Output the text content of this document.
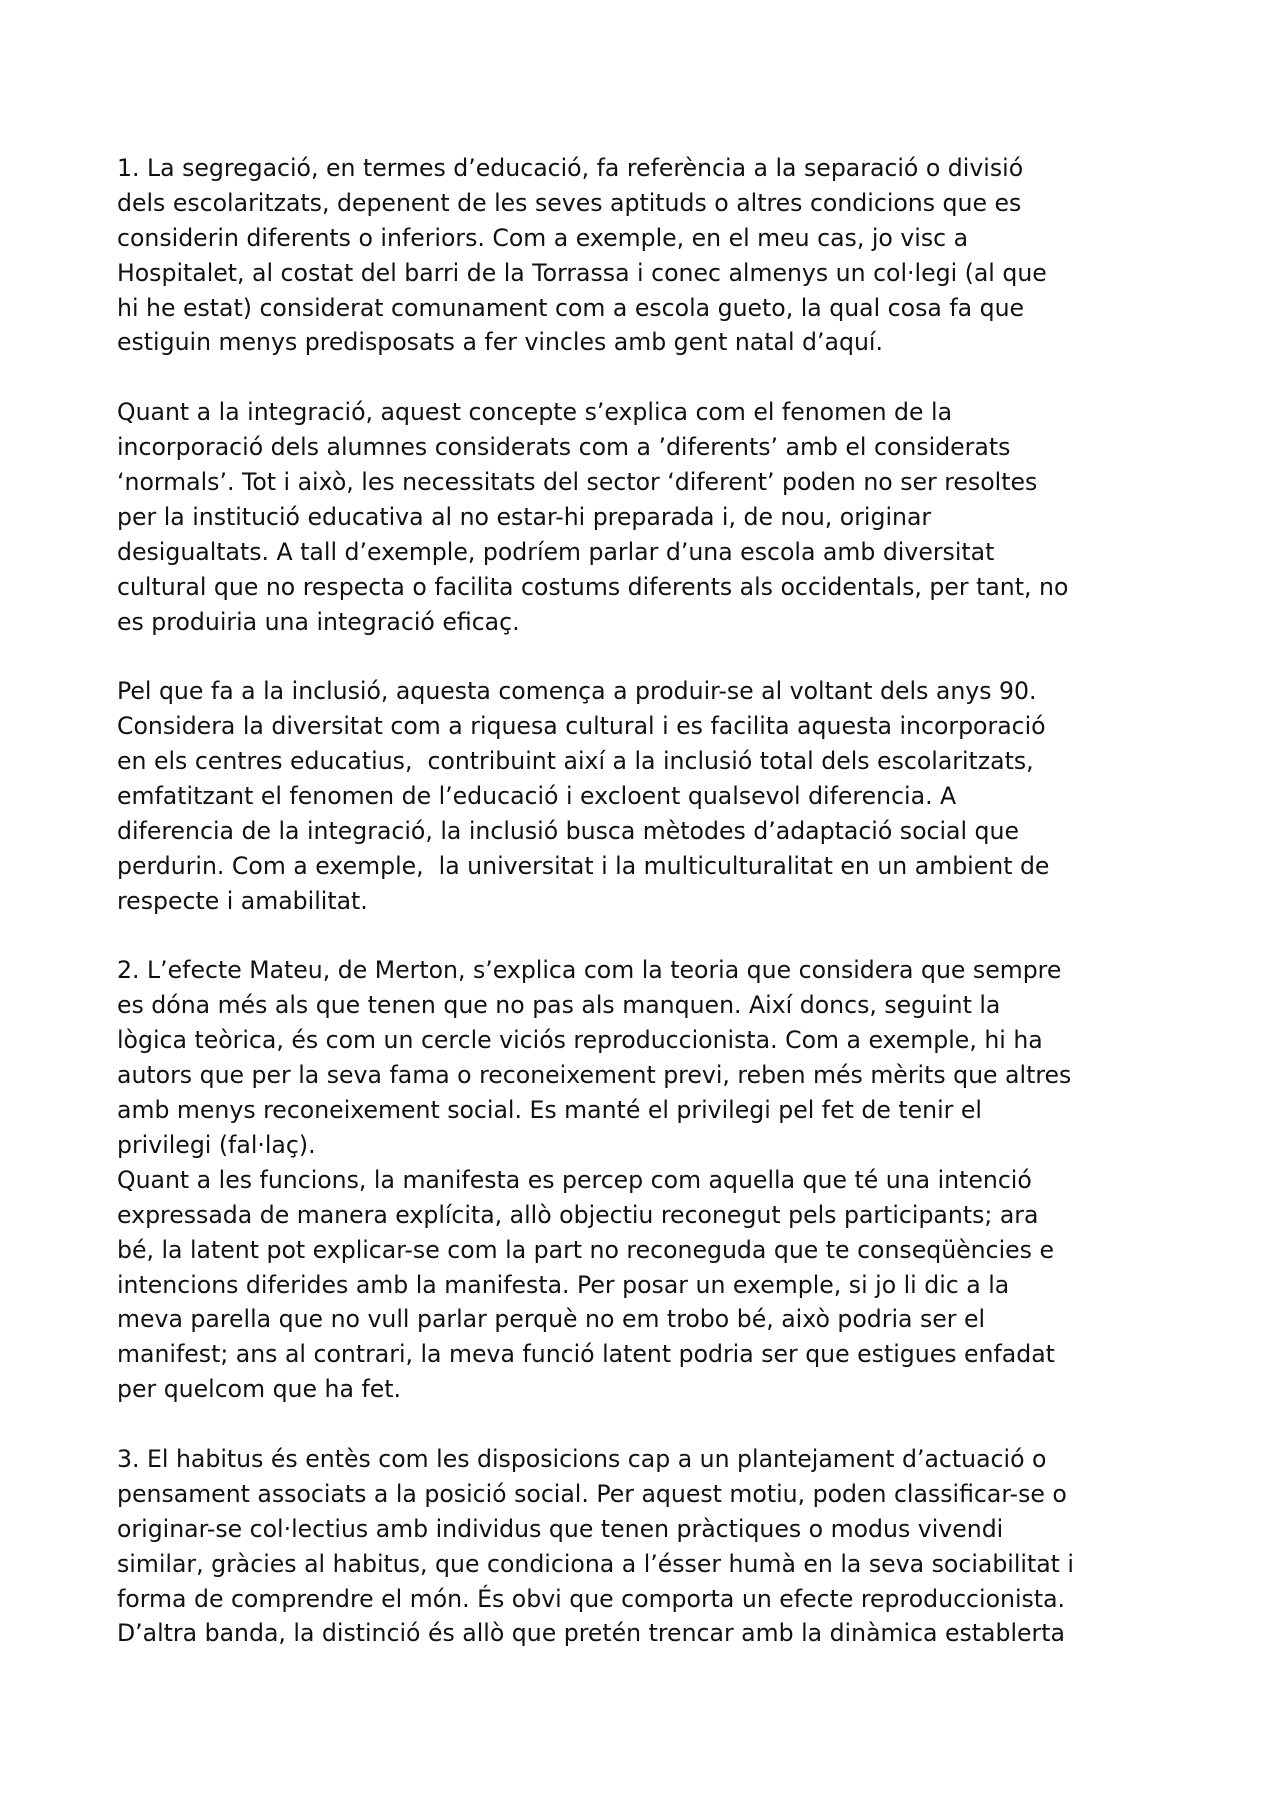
1. La segregació, en termes d’educació, fa referència a la separació o divisió
dels escolaritzats, depenent de les seves aptituds o altres condicions que es
considerin diferents o inferiors. Com a exemple, en el meu cas, jo visc a
Hospitalet, al costat del barri de la Torrassa i conec almenys un col·legi (al que
hi he estat) considerat comunament com a escola gueto, la qual cosa fa que
estiguin menys predisposats a fer vincles amb gent natal d’aquí.
Quant a la integració, aquest concepte s’explica com el fenomen de la
incorporació dels alumnes considerats com a ’diferents’ amb el considerats
‘normals’. Tot i això, les necessitats del sector ‘diferent’ poden no ser resoltes
per la institució educativa al no estar-hi preparada i, de nou, originar
desigualtats. A tall d’exemple, podríem parlar d’una escola amb diversitat
cultural que no respecta o facilita costums diferents als occidentals, per tant, no
es produiria una integració eficaç.
Pel que fa a la inclusió, aquesta comença a produir-se al voltant dels anys 90.
Considera la diversitat com a riquesa cultural i es facilita aquesta incorporació
en els centres educatius,  contribuint així a la inclusió total dels escolaritzats,
emfatitzant el fenomen de l’educació i excloent qualsevol diferencia. A
diferencia de la integració, la inclusió busca mètodes d’adaptació social que
perdurin. Com a exemple,  la universitat i la multiculturalitat en un ambient de
respecte i amabilitat.
2. L’efecte Mateu, de Merton, s’explica com la teoria que considera que sempre
es dóna més als que tenen que no pas als manquen. Així doncs, seguint la
lògica teòrica, és com un cercle viciós reproduccionista. Com a exemple, hi ha
autors que per la seva fama o reconeixement previ, reben més mèrits que altres
amb menys reconeixement social. Es manté el privilegi pel fet de tenir el
privilegi (fal·laç).
Quant a les funcions, la manifesta es percep com aquella que té una intenció
expressada de manera explícita, allò objectiu reconegut pels participants; ara
bé, la latent pot explicar-se com la part no reconeguda que te conseqüències e
intencions diferides amb la manifesta. Per posar un exemple, si jo li dic a la
meva parella que no vull parlar perquè no em trobo bé, això podria ser el
manifest; ans al contrari, la meva funció latent podria ser que estigues enfadat
per quelcom que ha fet.
3. El habitus és entès com les disposicions cap a un plantejament d’actuació o
pensament associats a la posició social. Per aquest motiu, poden classificar-se o
originar-se col·lectius amb individus que tenen pràctiques o modus vivendi
similar, gràcies al habitus, que condiciona a l’ésser humà en la seva sociabilitat i
forma de comprendre el món. És obvi que comporta un efecte reproduccionista.
D’altra banda, la distinció és allò que pretén trencar amb la dinàmica establerta
